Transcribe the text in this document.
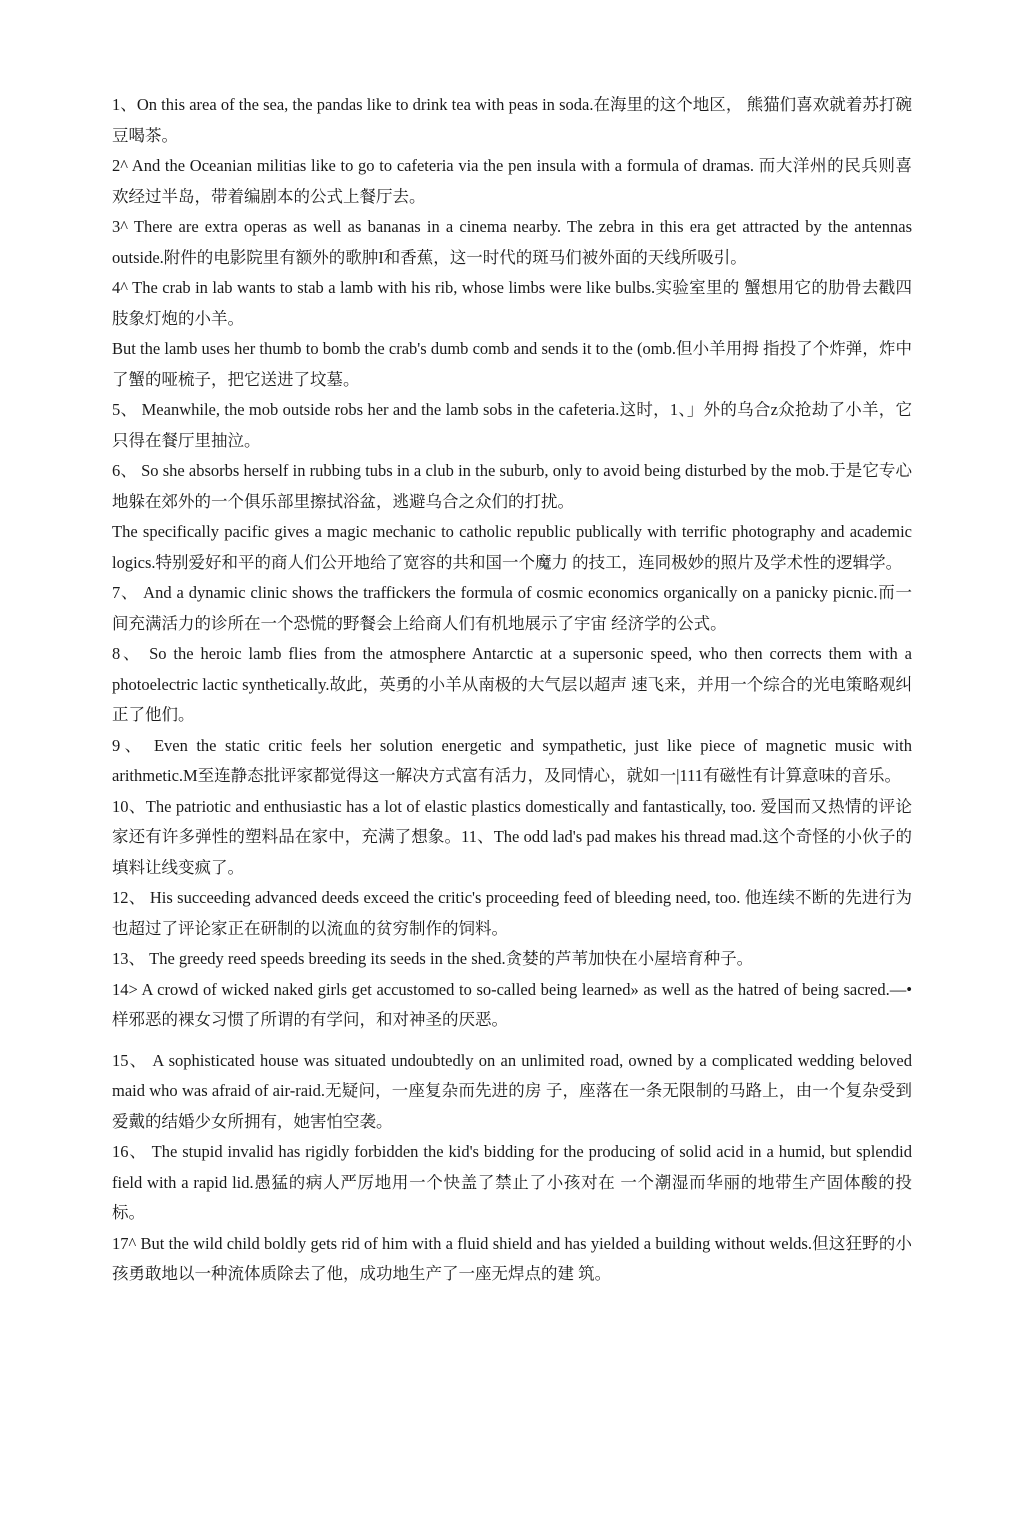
1、On this area of the sea, the pandas like to drink tea with peas in soda.在海里的这个地区， 熊猫们喜欢就着苏打碗豆喝茶。

2^ And the Oceanian militias like to go to cafeteria via the pen insula with a formula of dramas. 而大洋州的民兵则喜欢经过半岛，带着编剧本的公式上餐厅去。

3^ There are extra operas as well as bananas in a cinema nearby. The zebra in this era get attracted by the antennas outside.附件的电影院里有额外的歌肿I和香蕉，这一时代的斑马们被外面的天线所吸引。

4^ The crab in lab wants to stab a lamb with his rib, whose limbs were like bulbs.实验室里的 蟹想用它的肋骨去戳四肢象灯炮的小羊。

But the lamb uses her thumb to bomb the crab's dumb comb and sends it to the (omb.但小羊用拇 指投了个炸弹，炸中了蟹的哑梳子，把它送进了坟墓。

5、 Meanwhile, the mob outside robs her and the lamb sobs in the cafeteria.这时，1、」外的乌合z众抢劫了小羊，它只得在餐厅里抽泣。

6、 So she absorbs herself in rubbing tubs in a club in the suburb, only to avoid being disturbed by the mob.于是它专心地躲在郊外的一个俱乐部里擦拭浴盆，逃避乌合之众们的打扰。

The specifically pacific gives a magic mechanic to catholic republic publically with terrific photography and academic logics.特别爱好和平的商人们公开地给了宽容的共和国一个魔力 的技工，连同极妙的照片及学术性的逻辑学。

7、 And a dynamic clinic shows the traffickers the formula of cosmic economics organically on a panicky picnic.而一间充满活力的诊所在一个恐慌的野餐会上给商人们有机地展示了宇宙 经济学的公式。

8、 So the heroic lamb flies from the atmosphere Antarctic at a supersonic speed, who then corrects them with a photoelectric lactic synthetically.故此，英勇的小羊从南极的大气层以超声 速飞来，并用一个综合的光电策略观纠正了他们。

9、 Even the static critic feels her solution energetic and sympathetic, just like piece of magnetic music with arithmetic.M至连静态批评家都觉得这一解决方式富有活力，及同情心，就如一|111有磁性有计算意味的音乐。

10、The patriotic and enthusiastic has a lot of elastic plastics domestically and fantastically, too. 爱国而又热情的评论家还有许多弹性的塑料品在家中，充满了想象。11、The odd lad's pad makes his thread mad.这个奇怪的小伙子的填料让线变疯了。

12、 His succeeding advanced deeds exceed the critic's proceeding feed of bleeding need, too. 他连续不断的先进行为也超过了评论家正在研制的以流血的贫穷制作的饲料。

13、 The greedy reed speeds breeding its seeds in the shed.贪婪的芦苇加快在小屋培育种子。

14> A crowd of wicked naked girls get accustomed to so-called being learned» as well as the hatred of being sacred.—•样邪恶的裸女习惯了所谓的有学问，和对神圣的厌恶。

15、 A sophisticated house was situated undoubtedly on an unlimited road, owned by a complicated wedding beloved maid who was afraid of air-raid.无疑问，一座复杂而先进的房 子，座落在一条无限制的马路上，由一个复杂受到爱戴的结婚少女所拥有，她害怕空袭。

16、 The stupid invalid has rigidly forbidden the kid's bidding for the producing of solid acid in a humid, but splendid field with a rapid lid.愚猛的病人严厉地用一个快盖了禁止了小孩对在 一个潮湿而华丽的地带生产固体酸的投标。

17^ But the wild child boldly gets rid of him with a fluid shield and has yielded a building without welds.但这狂野的小孩勇敢地以一种流体质除去了他，成功地生产了一座无焊点的建 筑。
